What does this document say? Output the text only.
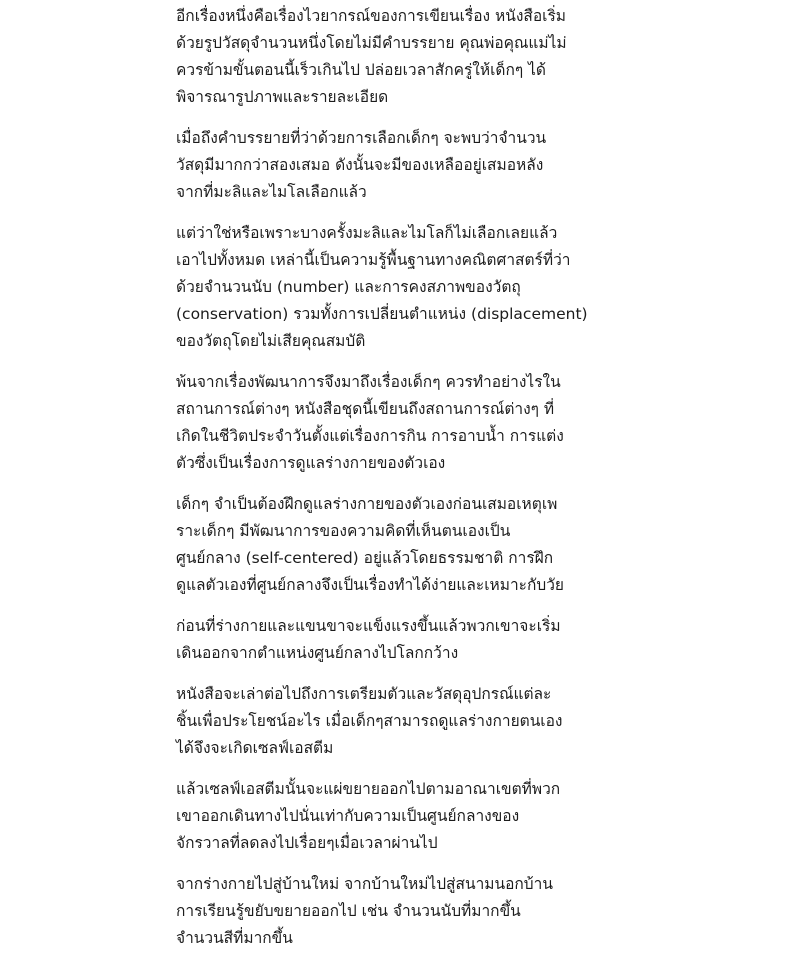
อีกเรื่องหนึ่งคือเรื่องไวยากรณ์ของการเขียนเรื่อง หนังสือเริ่ม
ด้วยรูปวัสดุจำนวนหนึ่งโดยไม่มีคำบรรยาย คุณพ่อคุณแม่ไม่
ควรข้ามขั้นตอนนี้เร็วเกินไป ปล่อยเวลาสักครู่ให้เด็กๆ ได้
พิจารณารูปภาพและรายละเอียด
เมื่อถึงคำบรรยายที่ว่าด้วยการเลือกเด็กๆ จะพบว่าจำนวน
วัสดุมีมากกว่าสองเสมอ ดังนั้นจะมีของเหลืออยู่เสมอหลัง
จากที่มะลิและไมโลเลือกแล้ว
แต่ว่าใช่หรือเพราะบางครั้งมะลิและไมโลก็ไม่เลือกเลยแล้ว
เอาไปทั้งหมด เหล่านี้เป็นความรู้พื้นฐานทางคณิตศาสตร์ที่ว่า
ด้วยจำนวนนับ (number) และการคงสภาพของวัตถุ
(conservation) รวมทั้งการเปลี่ยนตำแหน่ง (displacement)
ของวัตถุโดยไม่เสียคุณสมบัติ
พ้นจากเรื่องพัฒนาการจึงมาถึงเรื่องเด็กๆ ควรทำอย่างไรใน
สถานการณ์ต่างๆ หนังสือชุดนี้เขียนถึงสถานการณ์ต่างๆ ที่
เกิดในชีวิตประจำวันตั้งแต่เรื่องการกิน การอาบน้ำ การแต่ง
ตัวซึ่งเป็นเรื่องการดูแลร่างกายของตัวเอง
เด็กๆ จำเป็นต้องฝึกดูแลร่างกายของตัวเองก่อนเสมอเหตุเพ
ราะเด็กๆ มีพัฒนาการของความคิดที่เห็นตนเองเป็น
ศูนย์กลาง (self-centered) อยู่แล้วโดยธรรมชาติ การฝึก
ดูแลตัวเองที่ศูนย์กลางจึงเป็นเรื่องทำได้ง่ายและเหมาะกับวัย
ก่อนที่ร่างกายและแขนขาจะแข็งแรงขึ้นแล้วพวกเขาจะเริ่ม
เดินออกจากตำแหน่งศูนย์กลางไปโลกกว้าง
หนังสือจะเล่าต่อไปถึงการเตรียมตัวและวัสดุอุปกรณ์แต่ละ
ชิ้นเพื่อประโยชน์อะไร เมื่อเด็กๆสามารถดูแลร่างกายตนเอง
ได้จึงจะเกิดเซลฟ์เอสตีม
แล้วเซลฟ์เอสตีมนั้นจะแผ่ขยายออกไปตามอาณาเขตที่พวก
เขาออกเดินทางไปนั่นเท่ากับความเป็นศูนย์กลางของ
จักรวาลที่ลดลงไปเรื่อยๆเมื่อเวลาผ่านไป
จากร่างกายไปสู่บ้านใหม่ จากบ้านใหม่ไปสู่สนามนอกบ้าน
การเรียนรู้ขยับขยายออกไป เช่น จำนวนนับที่มากขึ้น
จำนวนสีที่มากขึ้น
